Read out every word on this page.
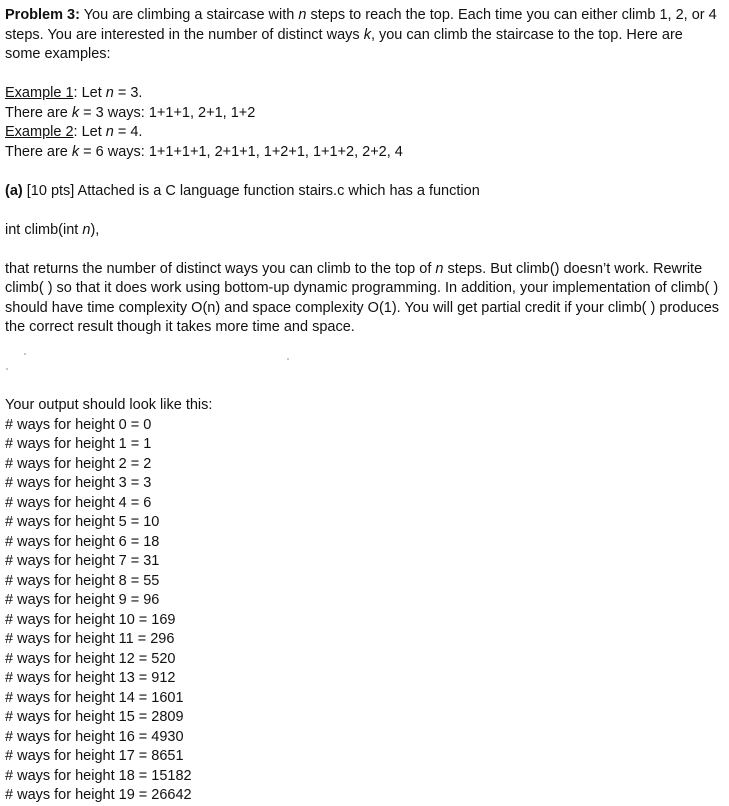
Problem 3: You are climbing a staircase with n steps to reach the top. Each time you can either climb 1, 2, or 4 steps. You are interested in the number of distinct ways k, you can climb the staircase to the top. Here are some examples:

Example 1: Let n = 3.

There are k = 3 ways: 1+1+1, 2+1, 1+2

Example 2: Let n = 4.

There are k = 6 ways: 1+1+1+1, 2+1+1, 1+2+1, 1+1+2, 2+2, 4

(a) [10 pts] Attached is a C language function stairs.c which has a function

int climb(int n),

that returns the number of distinct ways you can climb to the top of n steps. But climb() doesn’t work. Rewrite climb( ) so that it does work using bottom-up dynamic programming. In addition, your implementation of climb( ) should have time complexity O(n) and space complexity O(1). You will get partial credit if your climb( ) produces the correct result though it takes more time and space.

Your output should look like this:

# ways for height 0 = 0
# ways for height 1 = 1
# ways for height 2 = 2
# ways for height 3 = 3
# ways for height 4 = 6
# ways for height 5 = 10
# ways for height 6 = 18
# ways for height 7 = 31
# ways for height 8 = 55
# ways for height 9 = 96
# ways for height 10 = 169
# ways for height 11 = 296
# ways for height 12 = 520
# ways for height 13 = 912
# ways for height 14 = 1601
# ways for height 15 = 2809
# ways for height 16 = 4930
# ways for height 17 = 8651
# ways for height 18 = 15182
# ways for height 19 = 26642
